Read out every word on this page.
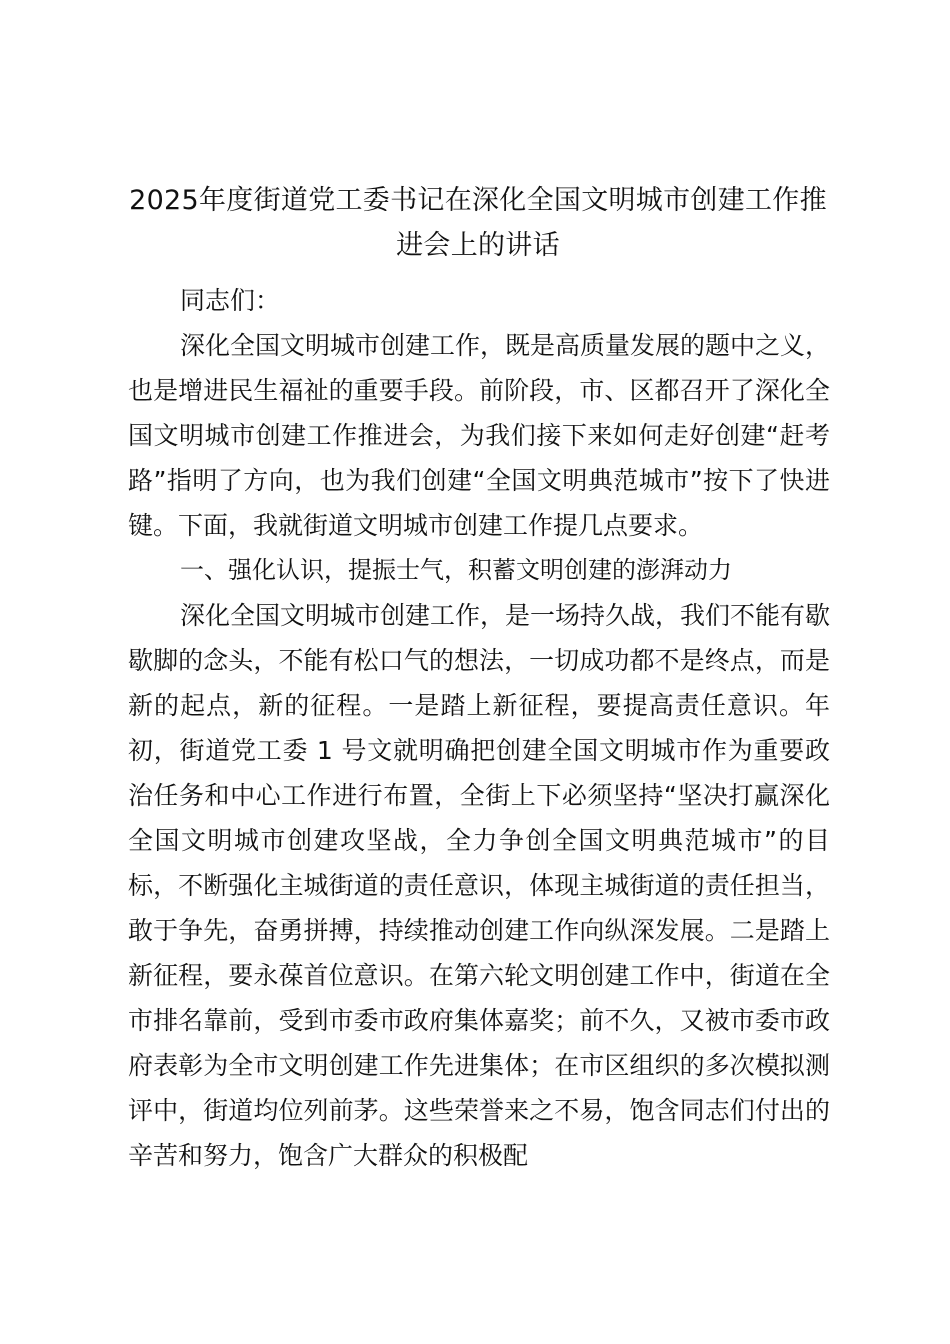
2025年度街道党工委书记在深化全国文明城市创建工作推进会上的讲话

同志们：

深化全国文明城市创建工作，既是高质量发展的题中之义，也是增进民生福祉的重要手段。前阶段，市、区都召开了深化全国文明城市创建工作推进会，为我们接下来如何走好创建“赶考路”指明了方向，也为我们创建“全国文明典范城市”按下了快进键。下面，我就街道文明城市创建工作提几点要求。

一、强化认识，提振士气，积蓄文明创建的澎湃动力

深化全国文明城市创建工作，是一场持久战，我们不能有歇歇脚的念头，不能有松口气的想法，一切成功都不是终点，而是新的起点，新的征程。一是踏上新征程，要提高责任意识。年初，街道党工委 1 号文就明确把创建全国文明城市作为重要政治任务和中心工作进行布置，全街上下必须坚持“坚决打赢深化全国文明城市创建攻坚战，全力争创全国文明典范城市”的目标，不断强化主城街道的责任意识，体现主城街道的责任担当，敢于争先，奋勇拼搏，持续推动创建工作向纵深发展。二是踏上新征程，要永葆首位意识。在第六轮文明创建工作中，街道在全市排名靠前，受到市委市政府集体嘉奖；前不久，又被市委市政府表彰为全市文明创建工作先进集体；在市区组织的多次模拟测评中，街道均位列前茅。这些荣誉来之不易，饱含同志们付出的辛苦和努力，饱含广大群众的积极配
